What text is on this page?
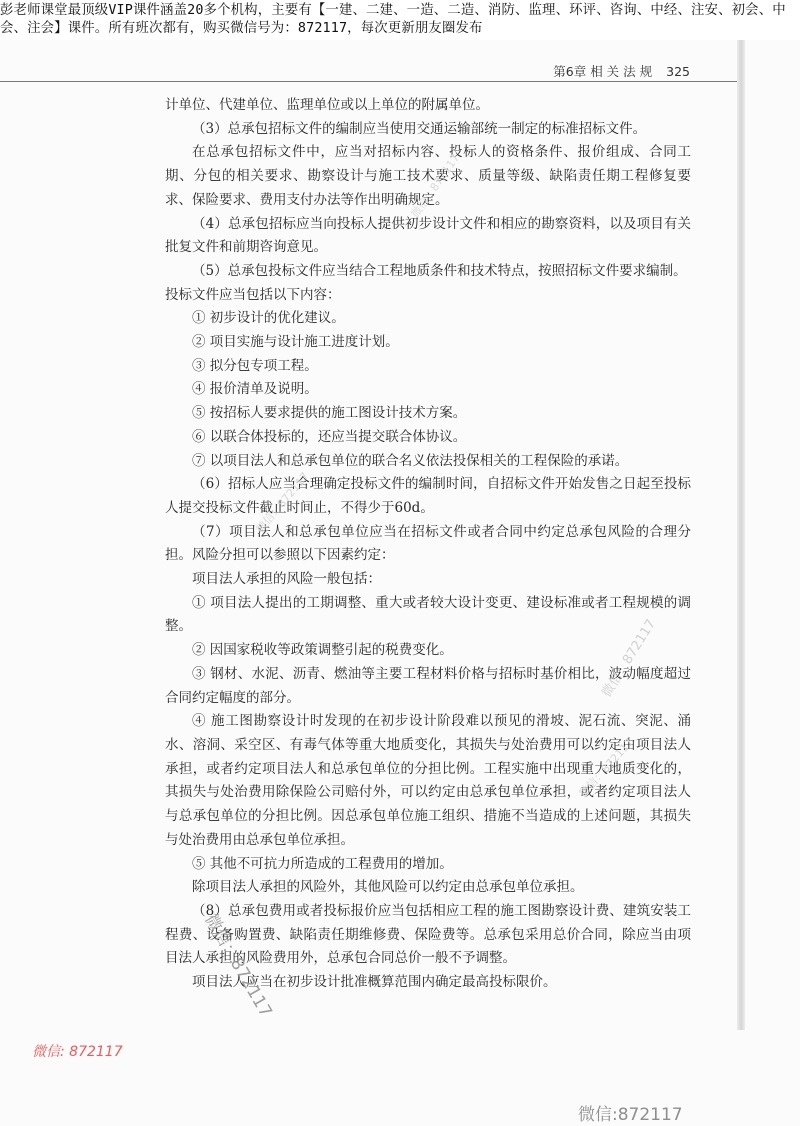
彭老师课堂最顶级VIP课件涵盖20多个机构，主要有【一建、二建、一造、二造、消防、监理、环评、咨询、中经、注安、初会、中会、注会】课件。所有班次都有，购买微信号为：872117，每次更新朋友圈发布
第6章 相 关 法 规 325

计单位、代建单位、监理单位或以上单位的附属单位。

（3）总承包招标文件的编制应当使用交通运输部统一制定的标准招标文件。

在总承包招标文件中，应当对招标内容、投标人的资格条件、报价组成、合同工期、分包的相关要求、勘察设计与施工技术要求、质量等级、缺陷责任期工程修复要求、保险要求、费用支付办法等作出明确规定。

（4）总承包招标应当向投标人提供初步设计文件和相应的勘察资料，以及项目有关批复文件和前期咨询意见。

（5）总承包投标文件应当结合工程地质条件和技术特点，按照招标文件要求编制。

投标文件应当包括以下内容：

① 初步设计的优化建议。

② 项目实施与设计施工进度计划。

③ 拟分包专项工程。

④ 报价清单及说明。

⑤ 按招标人要求提供的施工图设计技术方案。

⑥ 以联合体投标的，还应当提交联合体协议。

⑦ 以项目法人和总承包单位的联合名义依法投保相关的工程保险的承诺。

（6）招标人应当合理确定投标文件的编制时间，自招标文件开始发售之日起至投标人提交投标文件截止时间止，不得少于60d。

（7）项目法人和总承包单位应当在招标文件或者合同中约定总承包风险的合理分担。风险分担可以参照以下因素约定：

项目法人承担的风险一般包括：

① 项目法人提出的工期调整、重大或者较大设计变更、建设标准或者工程规模的调整。

② 因国家税收等政策调整引起的税费变化。

③ 钢材、水泥、沥青、燃油等主要工程材料价格与招标时基价相比，波动幅度超过合同约定幅度的部分。

④ 施工图勘察设计时发现的在初步设计阶段难以预见的滑坡、泥石流、突泥、涌水、溶洞、采空区、有毒气体等重大地质变化，其损失与处治费用可以约定由项目法人承担，或者约定项目法人和总承包单位的分担比例。工程实施中出现重大地质变化的，其损失与处治费用除保险公司赔付外，可以约定由总承包单位承担，或者约定项目法人与总承包单位的分担比例。因总承包单位施工组织、措施不当造成的上述问题，其损失与处治费用由总承包单位承担。

⑤ 其他不可抗力所造成的工程费用的增加。

除项目法人承担的风险外，其他风险可以约定由总承包单位承担。

（8）总承包费用或者投标报价应当包括相应工程的施工图勘察设计费、建筑安装工程费、设备购置费、缺陷责任期维修费、保险费等。总承包采用总价合同，除应当由项目法人承担的风险费用外，总承包合同总价一般不予调整。

项目法人应当在初步设计批准概算范围内确定最高投标限价。

微信：872117
微信：872117
微信：872117
微信：872117
微信：872117
微信: 872117
微信:872117
